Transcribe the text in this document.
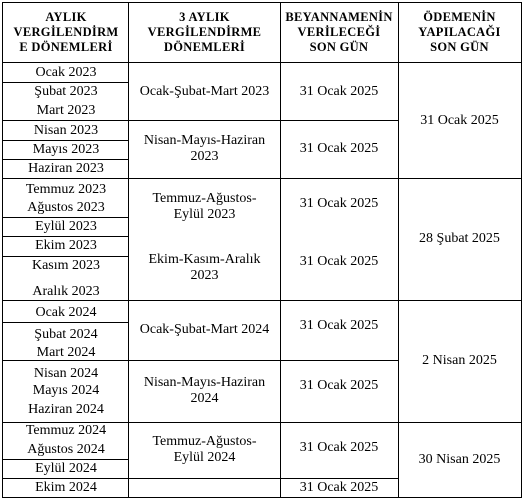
AYLIK
VERGİLENDİRM
E DÖNEMLERİ
3 AYLIK
VERGİLENDİRME
DÖNEMLERİ
BEYANNAMENİN
VERİLECEĞİ
SON GÜN
ÖDEMENİN
YAPILACAĞI
SON GÜN
Ocak 2023
Şubat 2023
Mart 2023
Nisan 2023
Mayıs 2023
Haziran 2023
Temmuz 2023
Ağustos 2023
Eylül 2023
Ekim 2023
Kasım 2023
Aralık 2023
Ocak 2024
Şubat 2024
Mart 2024
Nisan 2024
Mayıs 2024
Haziran 2024
Temmuz 2024
Ağustos 2024
Eylül 2024
Ekim 2024
Ocak-Şubat-Mart 2023
Nisan-Mayıs-Haziran
2023
Temmuz-Ağustos-
Eylül 2023
Ekim-Kasım-Aralık
2023
Ocak-Şubat-Mart 2024
Nisan-Mayıs-Haziran
2024
Temmuz-Ağustos-
Eylül 2024
31 Ocak 2025
31 Ocak 2025
31 Ocak 2025
31 Ocak 2025
31 Ocak 2025
31 Ocak 2025
31 Ocak 2025
31 Ocak 2025
31 Ocak 2025
28 Şubat 2025
2 Nisan 2025
30 Nisan 2025
